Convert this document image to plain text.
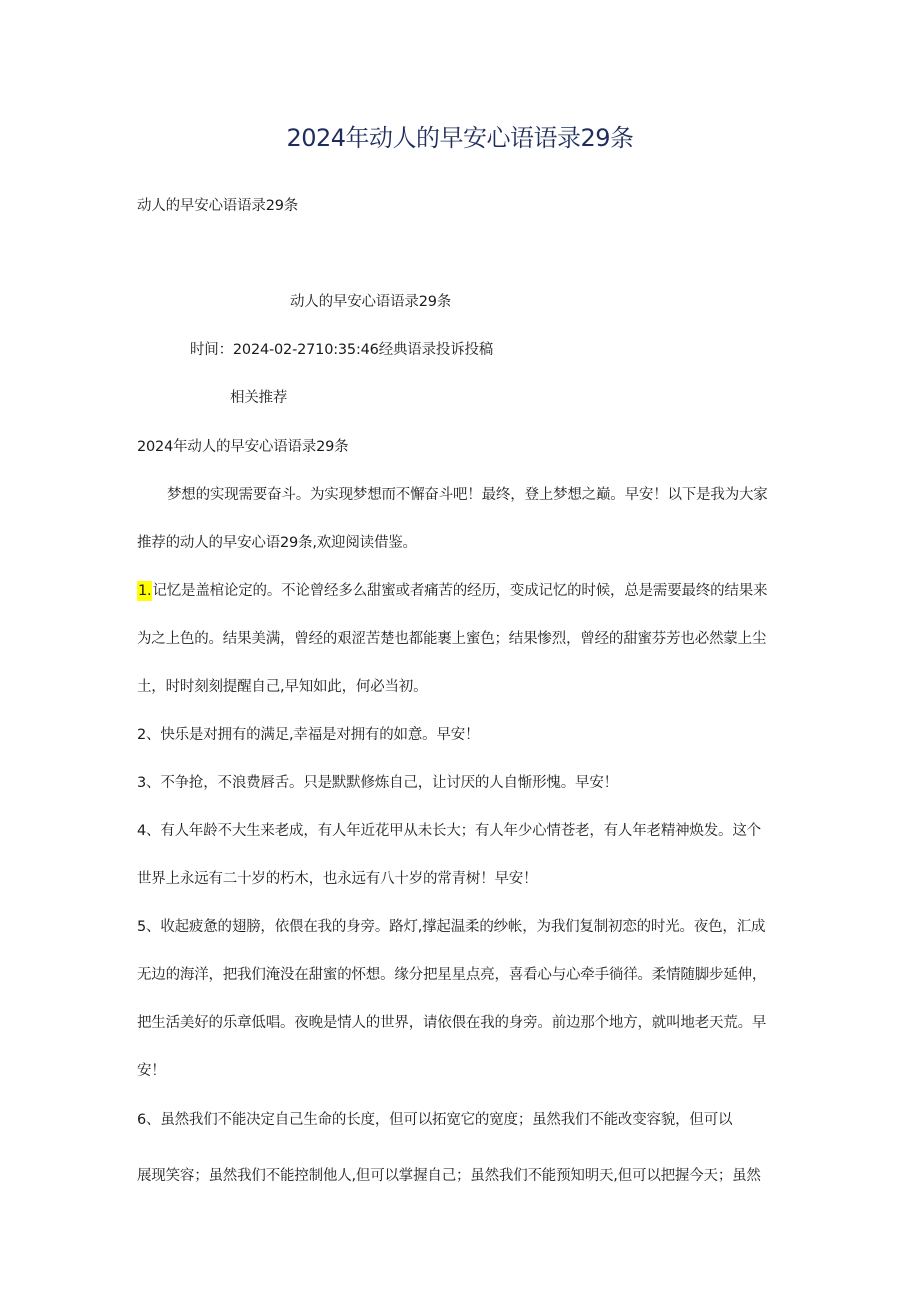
2024年动人的早安心语语录29条
动人的早安心语语录29条
动人的早安心语语录29条
时间：2024-02-2710:35:46经典语录投诉投稿
相关推荐
2024年动人的早安心语语录29条
梦想的实现需要奋斗。为实现梦想而不懈奋斗吧！最终，登上梦想之巅。早安！以下是我为大家
推荐的动人的早安心语29条,欢迎阅读借鉴。
1.记忆是盖棺论定的。不论曾经多么甜蜜或者痛苦的经历，变成记忆的时候，总是需要最终的结果来
为之上色的。结果美满，曾经的艰涩苦楚也都能裹上蜜色；结果惨烈，曾经的甜蜜芬芳也必然蒙上尘
土，时时刻刻提醒自己,早知如此，何必当初。
2、快乐是对拥有的满足,幸福是对拥有的如意。早安！
3、不争抢，不浪费唇舌。只是默默修炼自己，让讨厌的人自惭形愧。早安！
4、有人年龄不大生来老成，有人年近花甲从未长大；有人年少心情苍老，有人年老精神焕发。这个
世界上永远有二十岁的朽木，也永远有八十岁的常青树！早安！
5、收起疲惫的翅膀，依偎在我的身旁。路灯,撑起温柔的纱帐，为我们复制初恋的时光。夜色，汇成
无边的海洋，把我们淹没在甜蜜的怀想。缘分把星星点亮，喜看心与心牵手徜徉。柔情随脚步延伸，
把生活美好的乐章低唱。夜晚是情人的世界，请依偎在我的身旁。前边那个地方，就叫地老天荒。早
安！
6、虽然我们不能决定自己生命的长度，但可以拓宽它的宽度；虽然我们不能改变容貌，但可以
展现笑容；虽然我们不能控制他人,但可以掌握自己；虽然我们不能预知明天,但可以把握今天；虽然
